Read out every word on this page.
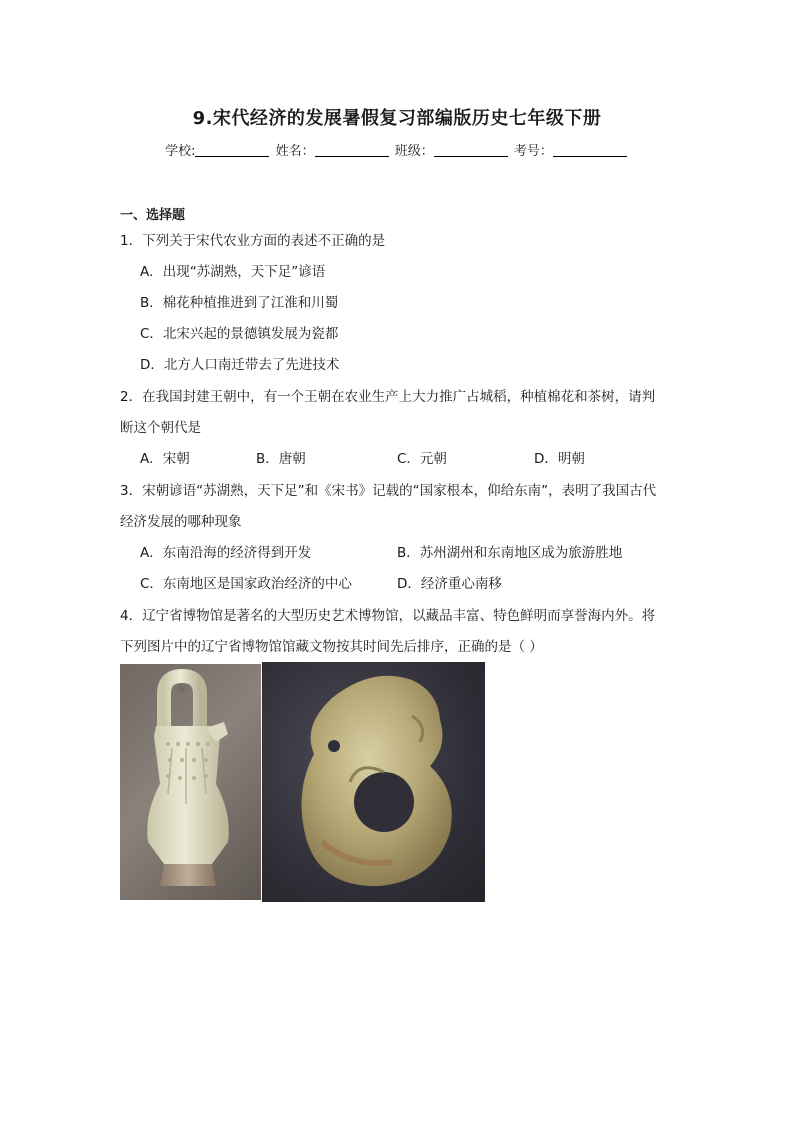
9.宋代经济的发展暑假复习部编版历史七年级下册
学校:	姓名：	班级：	考号：
一、选择题
1．下列关于宋代农业方面的表述不正确的是
A．出现“苏湖熟，天下足”谚语
B．棉花种植推进到了江淮和川蜀
C．北宋兴起的景德镇发展为瓷都
D．北方人口南迁带去了先进技术
2．在我国封建王朝中，有一个王朝在农业生产上大力推广占城稻，种植棉花和茶树，请判
断这个朝代是
A．宋朝	B．唐朝	C．元朝	D．明朝
3．宋朝谚语“苏湖熟，天下足”和《宋书》记载的“国家根本，仰给东南”，表明了我国古代
经济发展的哪种现象
A．东南沿海的经济得到开发	B．苏州湖州和东南地区成为旅游胜地
C．东南地区是国家政治经济的中心	D．经济重心南移
4．辽宁省博物馆是著名的大型历史艺术博物馆，以藏品丰富、特色鲜明而享誉海内外。将
下列图片中的辽宁省博物馆馆藏文物按其时间先后排序，正确的是（ ）
